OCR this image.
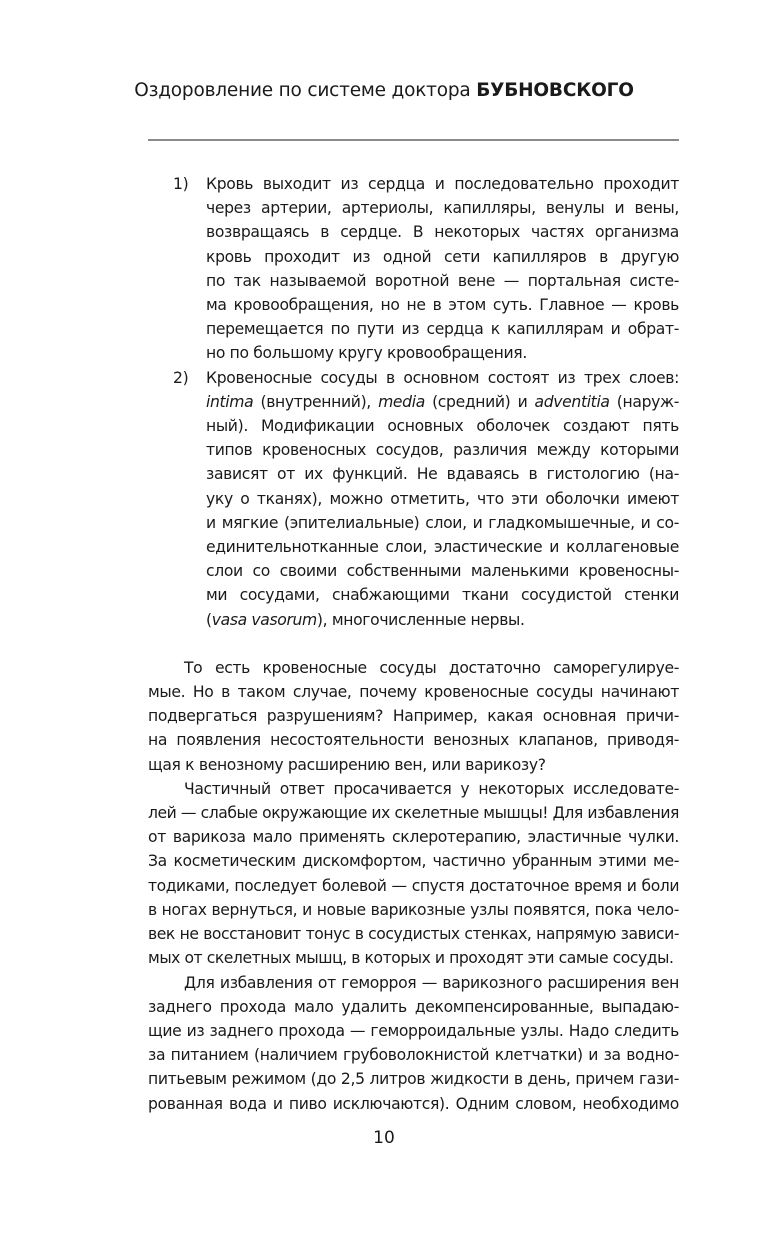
Оздоровление по системе доктора БУБНОВСКОГО
1) Кровь выходит из сердца и последовательно проходит
через артерии, артериолы, капилляры, венулы и вены,
возвращаясь в сердце. В некоторых частях организма
кровь проходит из одной сети капилляров в другую
по так называемой воротной вене — портальная систе-
ма кровообращения, но не в этом суть. Главное — кровь
перемещается по пути из сердца к капиллярам и обрат-
но по большому кругу кровообращения.
2) Кровеносные сосуды в основном состоят из трех слоев:
intima (внутренний), media (средний) и adventitia (наруж-
ный). Модификации основных оболочек создают пять
типов кровеносных сосудов, различия между которыми
зависят от их функций. Не вдаваясь в гистологию (на-
уку о тканях), можно отметить, что эти оболочки имеют
и мягкие (эпителиальные) слои, и гладкомышечные, и со-
единительнотканные слои, эластические и коллагеновые
слои со своими собственными маленькими кровеносны-
ми сосудами, снабжающими ткани сосудистой стенки
(vasa vasorum), многочисленные нервы.
То есть кровеносные сосуды достаточно саморегулируе-
мые. Но в таком случае, почему кровеносные сосуды начинают
подвергаться разрушениям? Например, какая основная причи-
на появления несостоятельности венозных клапанов, приводя-
щая к венозному расширению вен, или варикозу?
Частичный ответ просачивается у некоторых исследовате-
лей — слабые окружающие их скелетные мышцы! Для избавления
от варикоза мало применять склеротерапию, эластичные чулки.
За косметическим дискомфортом, частично убранным этими ме-
тодиками, последует болевой — спустя достаточное время и боли
в ногах вернуться, и новые варикозные узлы появятся, пока чело-
век не восстановит тонус в сосудистых стенках, напрямую зависи-
мых от скелетных мышц, в которых и проходят эти самые сосуды.
Для избавления от геморроя — варикозного расширения вен
заднего прохода мало удалить декомпенсированные, выпадаю-
щие из заднего прохода — геморроидальные узлы. Надо следить
за питанием (наличием грубоволокнистой клетчатки) и за водно-
питьевым режимом (до 2,5 литров жидкости в день, причем гази-
рованная вода и пиво исключаются). Одним словом, необходимо
10
